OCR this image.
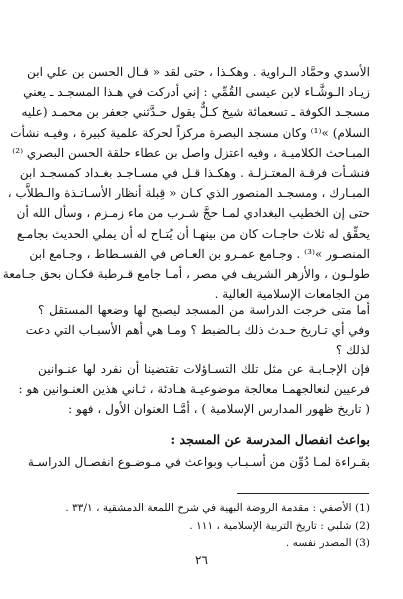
الأسدي وحمَّاد الـراوية . وهكـذا ، حتى لقد « قـال الحسن بن علي ابن
زيـاد الـوشَّـاء لابن عيسى القُمِّي : إني أدركت في هـذا المسجـد ـ يعني
مسجـد الكوفة ـ تسعمائة شيخ كـلٌّ يقول حـدَّثني جعفر بن محمـد (عليه
السلام) »⁽¹⁾ وكان مسجد البصرة مركزاً لحركة علمية كبيرة ، وفيـه نشأت
المبـاحث الكلاميـة ، وفيه اعتزل واصل بن عطاء حلقة الحسن البصري ⁽²⁾
فنشـأت فرقـة المعتـزلـة . وهكـذا قـل في مسـاجـد بغـداد كمسجـد ابن
المبـارك ، ومسجـد المنصور الذي كـان « قِبلة أنظار الأسـاتـذة والـطلاَّب ،
حتى إن الخطيب البغدادي لمـا حجَّ شـرب من ماء زمـزم ، وسأل الله أن
يحقِّق له ثلاث حاجـات كان من بينهـا أن يُتـاح له أن يملي الحديث بجامـع
المنصـور »⁽³⁾ . وجـامع عمـرو بن العـاص في الفسـطاط ، وجـامع ابن
طولـون ، والأزهر الشريف في مصر ، أمـا جامع قـرطبة فكـان بحق جـامعة
من الجامعات الإسلامية العالية .
أما متى خرجت الدراسة من المسجد ليصبح لها وضعها المستقل ؟
وفي أي تـاريخ حـدث ذلك بـالضبط ؟ ومـا هي أهم الأسبـاب التي دعت
لذلك ؟
فإن الإجـابـة عن مثل تلك التسـاؤلات تقتضينا أن نفرد لها عنـوانين
فرعيين لنعالجهمـا معالجة موضوعيـة هـادئة ، ثـاني هذين العنـوانين هو :
( تاريخ ظهور المدارس الإسلامية ) ، أمَّـا العنوان الأول ، فهو :
بواعث انفصال المدرسة عن المسجد :
بقـراءة لمـا دُوِّن من أسـبـاب وبواعث في مـوضـوع انفصـال الدراسـة
(1) الأصفي : مقدمة الروضة البهية في شرح اللمعة الدمشقية ، ٣٣/١ .
(2) شلبي : تاريخ التربية الإسلامية ، ١١١ .
(3) المصدر نفسه .
٢٦
